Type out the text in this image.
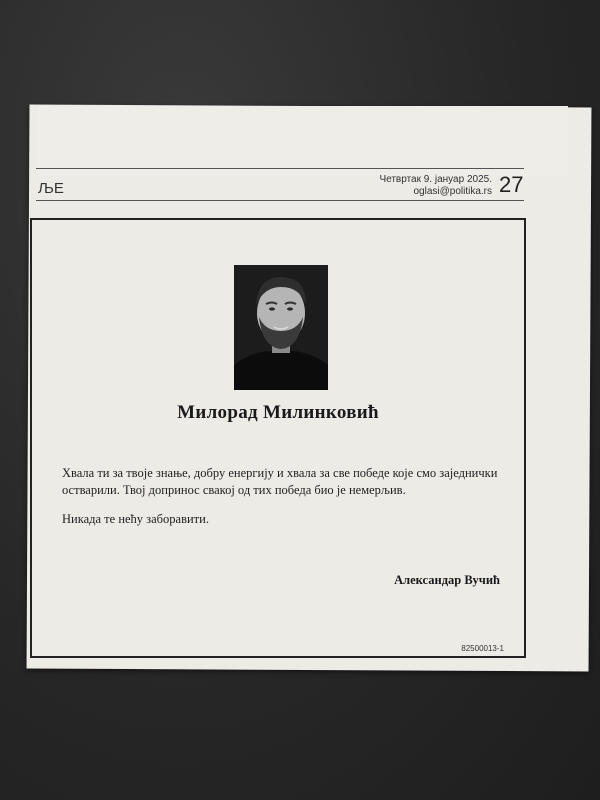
ЉЕ
Четвртак 9. јануар 2025.
oglasi@politika.rs 27
Милорад Милинковић

Хвала ти за твоје знање, добру енергију и хвала за све победе које смо заједнички остварили. Твој допринос свакој од тих победа био је немерљив.

Никада те нећу заборавити.

Александар Вучић
82500013-1
